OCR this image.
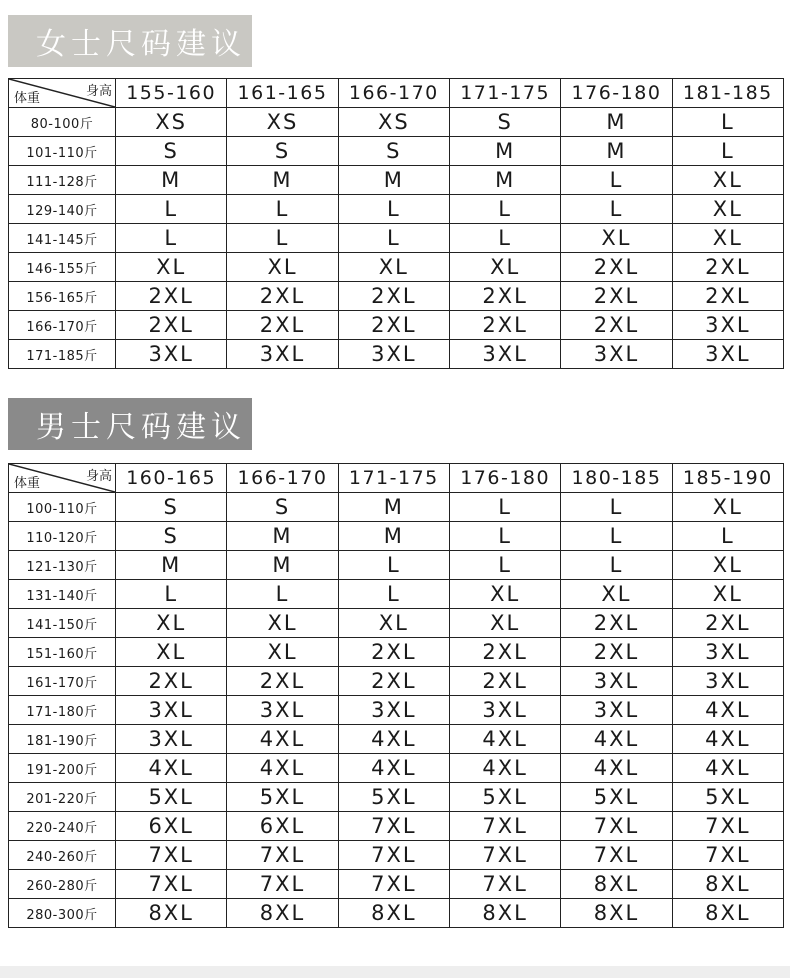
女士尺码建议
身高
体重	155-160	161-165	166-170	171-175	176-180	181-185
80-100斤	XS	XS	XS	S	M	L
101-110斤	S	S	S	M	M	L
111-128斤	M	M	M	M	L	XL
129-140斤	L	L	L	L	L	XL
141-145斤	L	L	L	L	XL	XL
146-155斤	XL	XL	XL	XL	2XL	2XL
156-165斤	2XL	2XL	2XL	2XL	2XL	2XL
166-170斤	2XL	2XL	2XL	2XL	2XL	3XL
171-185斤	3XL	3XL	3XL	3XL	3XL	3XL
男士尺码建议
身高
体重	160-165	166-170	171-175	176-180	180-185	185-190
100-110斤	S	S	M	L	L	XL
110-120斤	S	M	M	L	L	L
121-130斤	M	M	L	L	L	XL
131-140斤	L	L	L	XL	XL	XL
141-150斤	XL	XL	XL	XL	2XL	2XL
151-160斤	XL	XL	2XL	2XL	2XL	3XL
161-170斤	2XL	2XL	2XL	2XL	3XL	3XL
171-180斤	3XL	3XL	3XL	3XL	3XL	4XL
181-190斤	3XL	4XL	4XL	4XL	4XL	4XL
191-200斤	4XL	4XL	4XL	4XL	4XL	4XL
201-220斤	5XL	5XL	5XL	5XL	5XL	5XL
220-240斤	6XL	6XL	7XL	7XL	7XL	7XL
240-260斤	7XL	7XL	7XL	7XL	7XL	7XL
260-280斤	7XL	7XL	7XL	7XL	8XL	8XL
280-300斤	8XL	8XL	8XL	8XL	8XL	8XL
